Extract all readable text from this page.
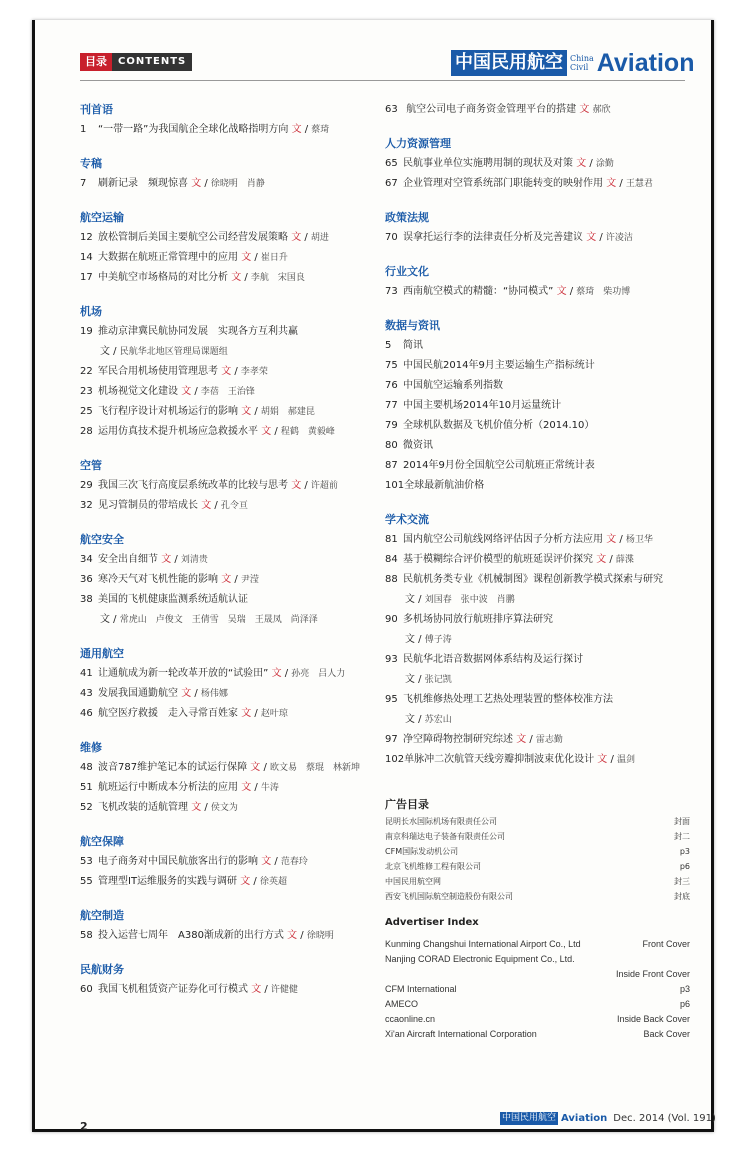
目录	CONTENTS	中国民用航空 China
Civil Aviation
刊首语
1 “一带一路”为我国航企全球化战略指明方向 文 / 蔡琦
专稿
7 刷新记录　频现惊喜 文 / 徐晓明　肖静
航空运输
12 放松管制后美国主要航空公司经营发展策略 文 / 胡进
14 大数据在航班正常管理中的应用 文 / 崔日升
17 中美航空市场格局的对比分析 文 / 李航　宋国良
机场
19 推动京津冀民航协同发展　实现各方互利共赢
文 / 民航华北地区管理局课题组
22 军民合用机场使用管理思考 文 / 李孝荣
23 机场视觉文化建设 文 / 李蓓　王治锋
25 飞行程序设计对机场运行的影响 文 / 胡娟　郝建昆
28 运用仿真技术提升机场应急救援水平 文 / 程鹤　黄毅峰
空管
29 我国三次飞行高度层系统改革的比较与思考 文 / 许超前
32 见习管制员的带培成长 文 / 孔令亘
航空安全
34 安全出自细节 文 / 刘清贵
36 寒冷天气对飞机性能的影响 文 / 尹滢
38 美国的飞机健康监测系统适航认证
文 / 常虎山　卢俊文　王倩雪　吴瑞　王晟凤　尚泽泽
通用航空
41 让通航成为新一轮改革开放的“试验田” 文 / 孙亮　吕人力
43 发展我国通勤航空 文 / 杨伟娜
46 航空医疗救援　走入寻常百姓家 文 / 赵叶琼
维修
48 波音787维护笔记本的试运行保障 文 / 欧文易　蔡琨　林新坤
51 航班运行中断成本分析法的应用 文 / 牛涛
52 飞机改装的适航管理 文 / 侯文为
航空保障
53 电子商务对中国民航旅客出行的影响 文 / 范春玲
55 管理型IT运维服务的实践与调研 文 / 徐英超
航空制造
58 投入运营七周年　A380渐成新的出行方式 文 / 徐晓明
民航财务
60 我国飞机租赁资产证券化可行模式 文 / 许健健
63 航空公司电子商务资金管理平台的搭建 文 郝欣
人力资源管理
65 民航事业单位实施聘用制的现状及对策 文 / 涂勤
67 企业管理对空管系统部门职能转变的映射作用 文 / 王慧君
政策法规
70 误拿托运行李的法律责任分析及完善建议 文 / 许凌洁
行业文化
73 西南航空模式的精髓：“协同模式” 文 / 蔡琦　柴功博
数据与资讯
5 简讯
75 中国民航2014年9月主要运输生产指标统计
76 中国航空运输系列指数
77 中国主要机场2014年10月运量统计
79 全球机队数据及飞机价值分析（2014.10）
80 微资讯
87 2014年9月份全国航空公司航班正常统计表
101全球最新航油价格
学术交流
81 国内航空公司航线网络评估因子分析方法应用 文 / 杨卫华
84 基于模糊综合评价模型的航班延误评价探究 文 / 薛渫
88 民航机务类专业《机械制图》课程创新教学模式探索与研究
文 / 刘国春　张中波　肖鹏
90 多机场协同放行航班排序算法研究
文 / 傅子涛
93 民航华北语音数据网体系结构及运行探讨
文 / 张记凯
95 飞机维修热处理工艺热处理装置的整体校准方法
文 / 苏宏山
97 净空障碍物控制研究综述 文 / 雷志勤
102单脉冲二次航管天线旁瓣抑制波束优化设计 文 / 温剑
广告目录
昆明长水国际机场有限责任公司	封面
南京科瑞达电子装备有限责任公司	封二
CFM国际发动机公司	p3
北京飞机维修工程有限公司	p6
中国民用航空网	封三
西安飞机国际航空制造股份有限公司	封底
Advertiser Index
Kunming Changshui International Airport Co., Ltd	Front Cover
Nanjing CORAD Electronic Equipment Co., Ltd.
Inside Front Cover
CFM International	p3
AMECO	p6
ccaonline.cn	Inside Back Cover
Xi'an Aircraft International Corporation	Back Cover
2
中国民用航空 Aviation Dec. 2014 (Vol. 191)
